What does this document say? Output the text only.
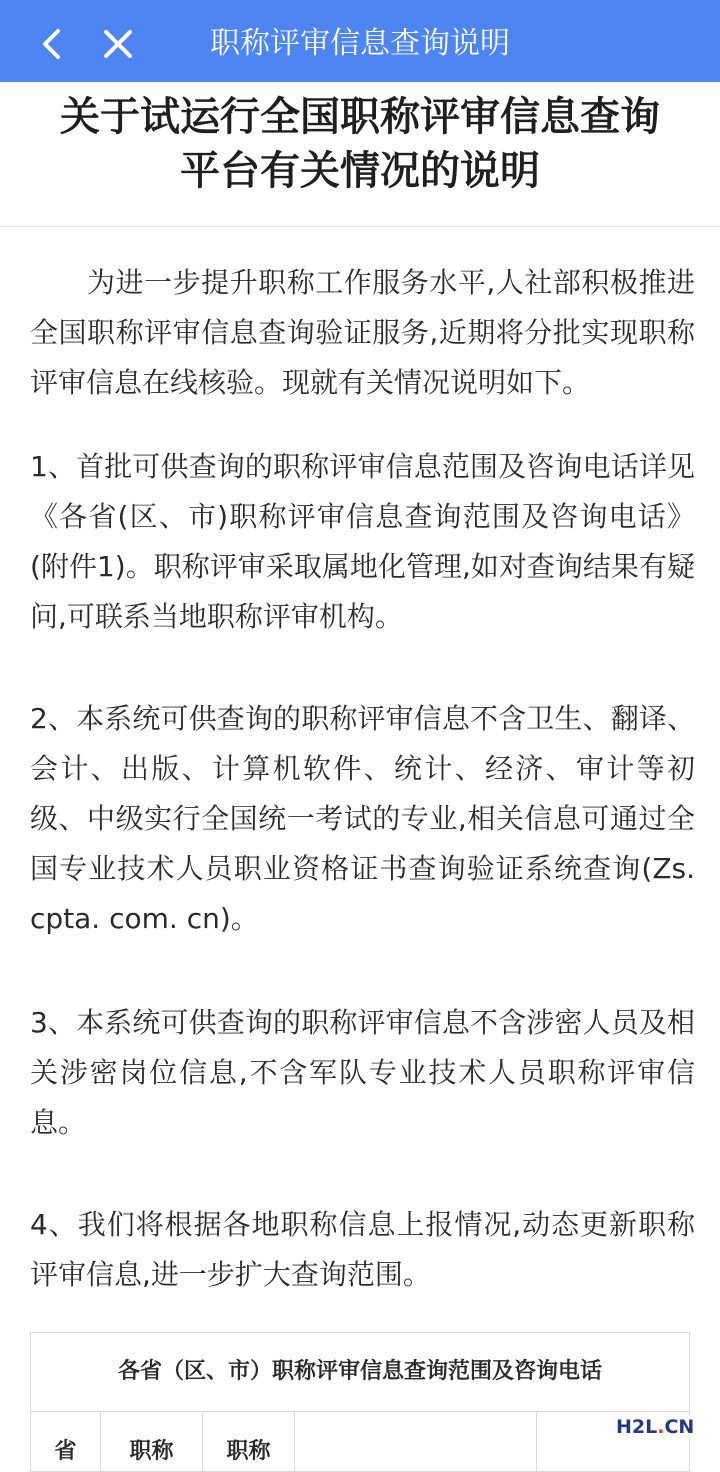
职称评审信息查询说明
关于试运行全国职称评审信息查询
平台有关情况的说明
为进一步提升职称工作服务水平,人社部积极推进全国职称评审信息查询验证服务,近期将分批实现职称评审信息在线核验。现就有关情况说明如下。
1、首批可供查询的职称评审信息范围及咨询电话详见《各省(区、市)职称评审信息查询范围及咨询电话》(附件1)。职称评审采取属地化管理,如对查询结果有疑问,可联系当地职称评审机构。
2、本系统可供查询的职称评审信息不含卫生、翻译、会计、出版、计算机软件、统计、经济、审计等初级、中级实行全国统一考试的专业,相关信息可通过全国专业技术人员职业资格证书查询验证系统查询(Zs. cpta. com. cn)。
3、本系统可供查询的职称评审信息不含涉密人员及相关涉密岗位信息,不含军队专业技术人员职称评审信息。
4、我们将根据各地职称信息上报情况,动态更新职称评审信息,进一步扩大查询范围。
各省（区、市）职称评审信息查询范围及咨询电话
省	职称	职称
H2L.CN
